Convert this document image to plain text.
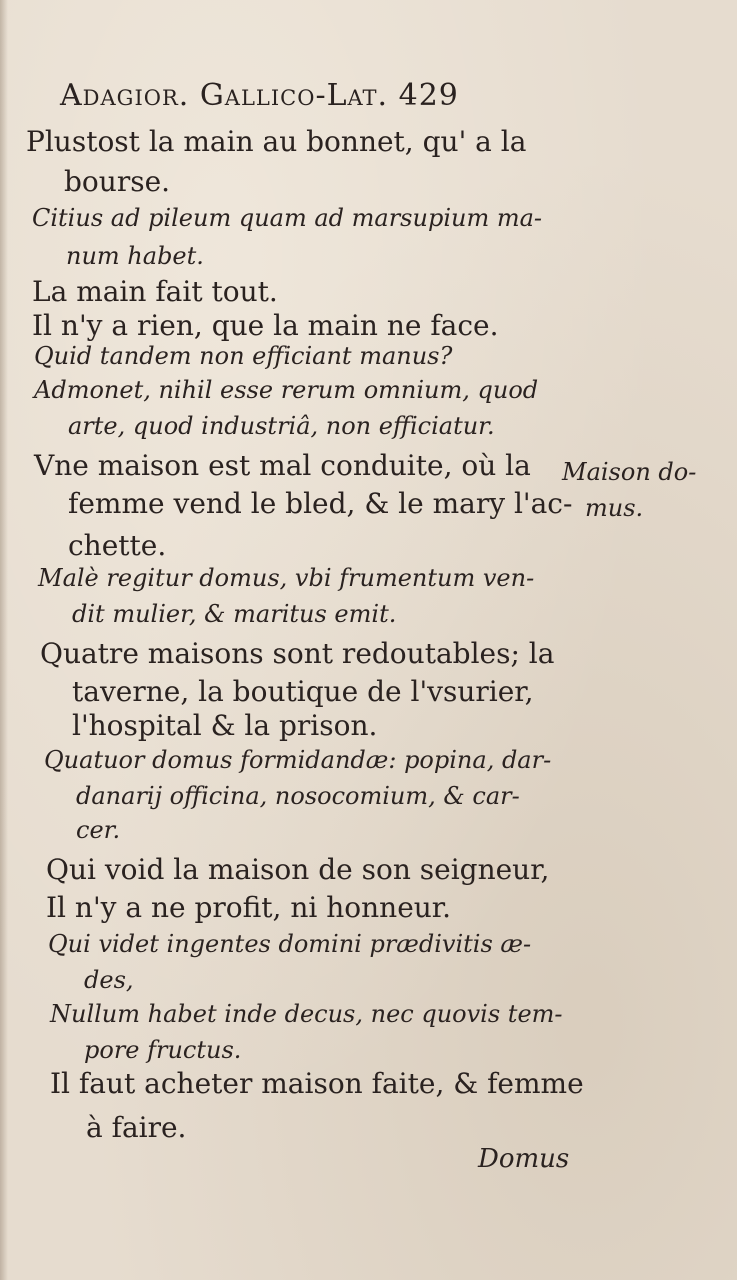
Adagior. Gallico-Lat. 429
Plustost la main au bonnet, qu' a la
bourse.
Citius ad pileum quam ad marsupium ma-
num habet.
La main fait tout.
Il n'y a rien, que la main ne face.
Quid tandem non efficiant manus?
Admonet, nihil esse rerum omnium, quod
arte, quod industriâ, non efficiatur.
Vne maison est mal conduite, où la
femme vend le bled, & le mary l'ac-
chette.
Malè regitur domus, vbi frumentum ven-
dit mulier, & maritus emit.
Quatre maisons sont redoutables; la
taverne, la boutique de l'vsurier,
l'hospital & la prison.
Quatuor domus formidandæ: popina, dar-
danarij officina, nosocomium, & car-
cer.
Qui void la maison de son seigneur,
Il n'y a ne profit, ni honneur.
Qui videt ingentes domini prædivitis æ-
des,
Nullum habet inde decus, nec quovis tem-
pore fructus.
Il faut acheter maison faite, & femme
à faire.
Maison do-
mus.
Domus
